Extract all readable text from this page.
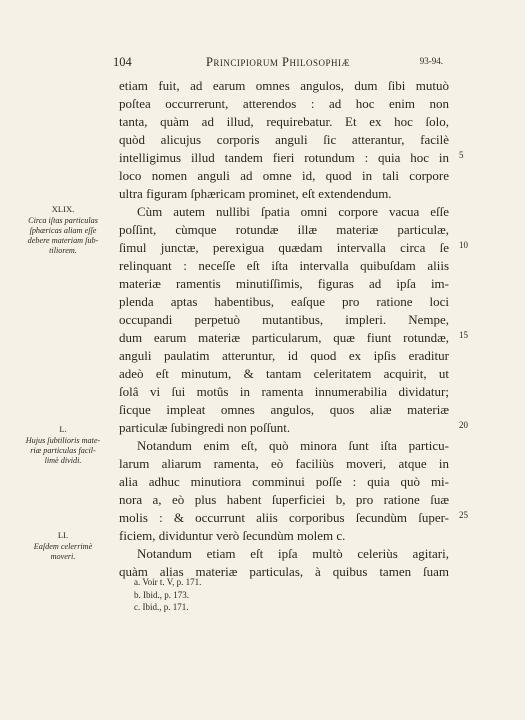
104	Principiorum Philosophiæ	93-94.
XLIX.
Circa iſtas particulas
ſphæricas aliam eſſe
debere materiam ſub-
tiliorem.
L.
Hujus ſubtilioris mate-
riæ particulas facil-
limè dividi.
LI.
Eaſdem celerrimè
moveri.
etiam fuit, ad earum omnes angulos, dum ſibi mutuò
poſtea occurrerunt, atterendos : ad hoc enim non
tanta, quàm ad illud, requirebatur. Et ex hoc ſolo,
quòd alicujus corporis anguli ſic atterantur, facilè
intelligimus illud tandem fieri rotundum : quia hoc in
loco nomen anguli ad omne id, quod in tali corpore
ultra figuram ſphæricam prominet, eſt extendendum.
Cùm autem nullibi ſpatia omni corpore vacua eſſe
poſſint, cùmque rotundæ illæ materiæ particulæ,
ſimul junctæ, perexigua quædam intervalla circa ſe
relinquant : neceſſe eſt iſta intervalla quibuſdam aliis
materiæ ramentis minutiſſimis, figuras ad ipſa im-
plenda aptas habentibus, eaſque pro ratione loci
occupandi perpetuò mutantibus, impleri. Nempe,
dum earum materiæ particularum, quæ fiunt rotundæ,
anguli paulatim atteruntur, id quod ex ipſis eraditur
adeò eſt minutum, & tantam celeritatem acquirit, ut
ſolâ vi ſui motûs in ramenta innumerabilia dividatur;
ſicque impleat omnes angulos, quos aliæ materiæ
particulæ ſubingredi non poſſunt.
Notandum enim eſt, quò minora ſunt iſta particu-
larum aliarum ramenta, eò faciliùs moveri, atque in
alia adhuc minutiora comminui poſſe : quia quò mi-
nora a, eò plus habent ſuperficiei b, pro ratione ſuæ
molis : & occurrunt aliis corporibus ſecundùm ſuper-
ficiem, dividuntur verò ſecundùm molem c.
Notandum etiam eſt ipſa multò celeriùs agitari,
quàm alias materiæ particulas, à quibus tamen ſuam
5
10
15
20
25
a. Voir t. V, p. 171.
b. Ibid., p. 173.
c. Ibid., p. 171.
